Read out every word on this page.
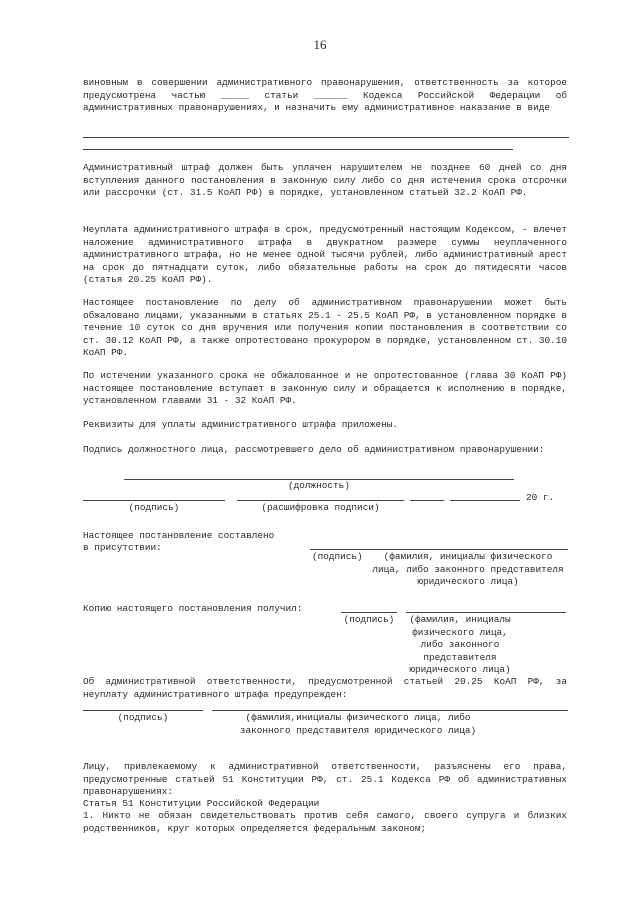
16
виновным в совершении административного правонарушения, ответственность за которое предусмотрена частью _____ статьи ______ Кодекса Российской Федерации об административных правонарушениях, и назначить ему административное наказание в виде
Административный штраф должен быть уплачен нарушителем не позднее 60 дней со дня вступления данного постановления в законную силу либо со дня истечения срока отсрочки или рассрочки (ст. 31.5 КоАП РФ) в порядке, установленном статьей 32.2 КоАП РФ.
Неуплата административного штрафа в срок, предусмотренный настоящим Кодексом, - влечет наложение административного штрафа в двукратном размере суммы неуплаченного административного штрафа, но не менее одной тысячи рублей, либо административный арест на срок до пятнадцати суток, либо обязательные работы на срок до пятидесяти часов (статья 20.25 КоАП РФ).
Настоящее постановление по делу об административном правонарушении может быть обжаловано лицами, указанными в статьях 25.1 - 25.5 КоАП РФ, в установленном порядке в течение 10 суток со дня вручения или получения копии постановления в соответствии со ст. 30.12 КоАП РФ, а также опротестовано прокурором в порядке, установленном ст. 30.10 КоАП РФ.
По истечении указанного срока не обжалованное и не опротестованное (глава 30 КоАП РФ) настоящее постановление вступает в законную силу и обращается к исполнению в порядке, установленном главами 31 - 32 КоАП РФ.
Реквизиты для уплаты административного штрафа приложены.
Подпись должностного лица, рассмотревшего дело об административном правонарушении:
(должность)
20 г.
(подпись)	(расшифровка подписи)
Настоящее постановление составлено
в присутствии:
(подпись)	(фамилия, инициалы физического лица, либо законного представителя юридического лица)
Копию настоящего постановления получил:
(подпись)	(фамилия, инициалы физического лица, либо законного представителя юридического лица)
Об административной ответственности, предусмотренной статьей 20.25 КоАП РФ, за неуплату административного штрафа предупрежден:
(подпись)	(фамилия,инициалы физического лица, либо законного представителя юридического лица)
Лицу, привлекаемому к административной ответственности, разъяснены его права, предусмотренные статьей 51 Конституции РФ, ст. 25.1 Кодекса РФ об административных правонарушениях:
Статья 51 Конституции Российской Федерации
1. Никто не обязан свидетельствовать против себя самого, своего супруга и близких родственников, круг которых определяется федеральным законом;
